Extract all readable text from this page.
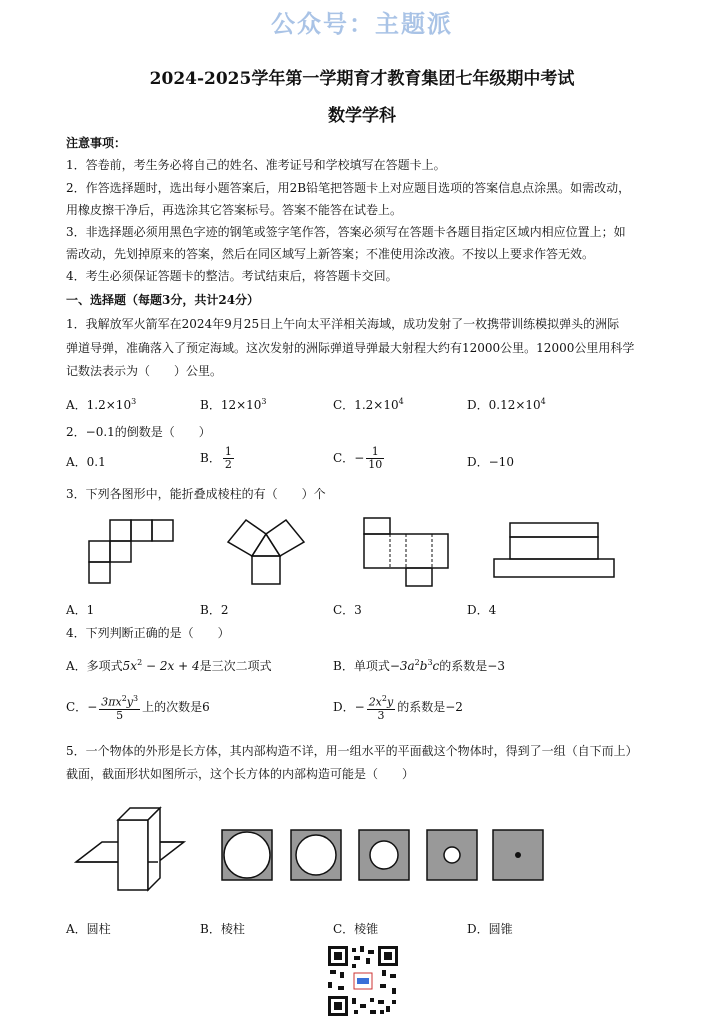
公众号：主题派
2024-2025学年第一学期育才教育集团七年级期中考试
数学学科
注意事项：
1．答卷前，考生务必将自己的姓名、准考证号和学校填写在答题卡上。
2．作答选择题时，选出每小题答案后，用2B铅笔把答题卡上对应题目选项的答案信息点涂黑。如需改动，
用橡皮擦干净后，再选涂其它答案标号。答案不能答在试卷上。
3．非选择题必须用黑色字迹的钢笔或签字笔作答，答案必须写在答题卡各题目指定区域内相应位置上；如
需改动，先划掉原来的答案，然后在同区域写上新答案；不准使用涂改液。不按以上要求作答无效。
4．考生必须保证答题卡的整洁。考试结束后，将答题卡交回。
一、选择题（每题3分，共计24分）
1．我解放军火箭军在2024年9月25日上午向太平洋相关海域，成功发射了一枚携带训练模拟弹头的洲际
弹道导弹，准确落入了预定海域。这次发射的洲际弹道导弹最大射程大约有12000公里。12000公里用科学
记数法表示为（　　）公里。
A．$1.2\times 10^3$	B．$12\times 10^3$	C．$1.2\times 10^4$	D．$0.12\times 10^4$
2．−0.1的倒数是（　　）
A．0.1	B． $\frac{1}{2}$	C．− $\frac{1}{10}$	D．−10
3．下列各图形中，能折叠成棱柱的有（　　）个
A．1	B．2	C．3	D．4
4．下列判断正确的是（　　）
A．多项式$5x^2 - 2x + 4$是三次二项式	B．单项式$-3a^2b^3c$的系数是−3
C．− $\frac{3\pi x^2y^3}{5}$ 上的次数是6	D．− $\frac{2x^2y}{3}$ 的系数是−2
5．一个物体的外形是长方体，其内部构造不详，用一组水平的平面截这个物体时，得到了一组（自下而上）
截面，截面形状如图所示，这个长方体的内部构造可能是（　　）
A．圆柱	B．棱柱	C．棱锥	D．圆锥
